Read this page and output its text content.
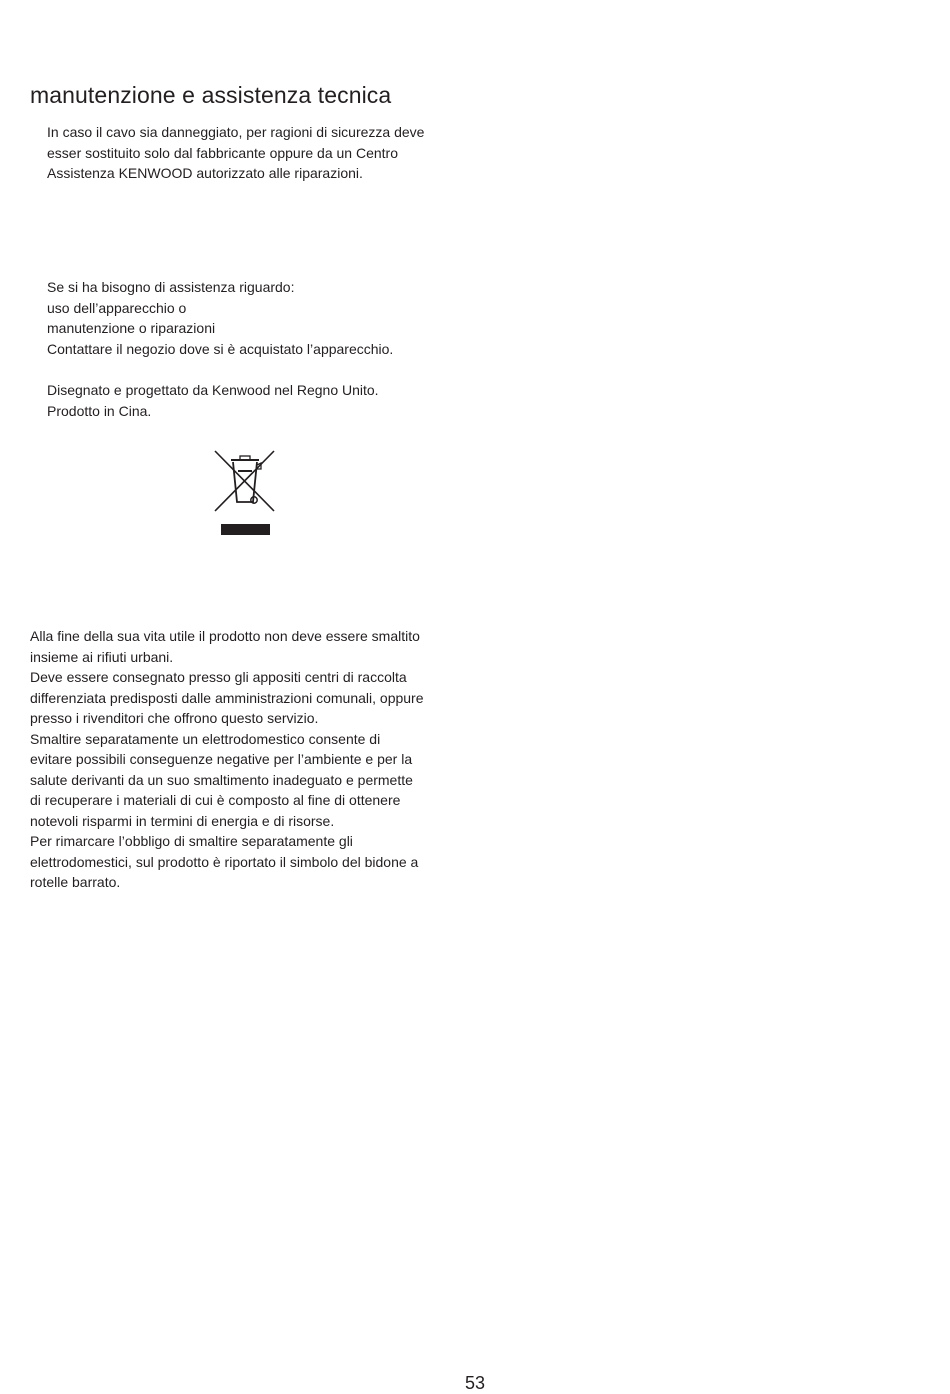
manutenzione e assistenza tecnica
In caso il cavo sia danneggiato, per ragioni di sicurezza deve
esser sostituito solo dal fabbricante oppure da un Centro
Assistenza KENWOOD autorizzato alle riparazioni.
Se si ha bisogno di assistenza riguardo:
uso dell’apparecchio o
manutenzione o riparazioni
Contattare il negozio dove si è acquistato l’apparecchio.
Disegnato e progettato da Kenwood nel Regno Unito.
Prodotto in Cina.
Alla fine della sua vita utile il prodotto non deve essere smaltito
insieme ai rifiuti urbani.
Deve essere consegnato presso gli appositi centri di raccolta
differenziata predisposti dalle amministrazioni comunali, oppure
presso i rivenditori che offrono questo servizio.
Smaltire separatamente un elettrodomestico consente di
evitare possibili conseguenze negative per l’ambiente e per la
salute derivanti da un suo smaltimento inadeguato e permette
di recuperare i materiali di cui è composto al fine di ottenere
notevoli risparmi in termini di energia e di risorse.
Per rimarcare l’obbligo di smaltire separatamente gli
elettrodomestici, sul prodotto è riportato il simbolo del bidone a
rotelle barrato.
53
